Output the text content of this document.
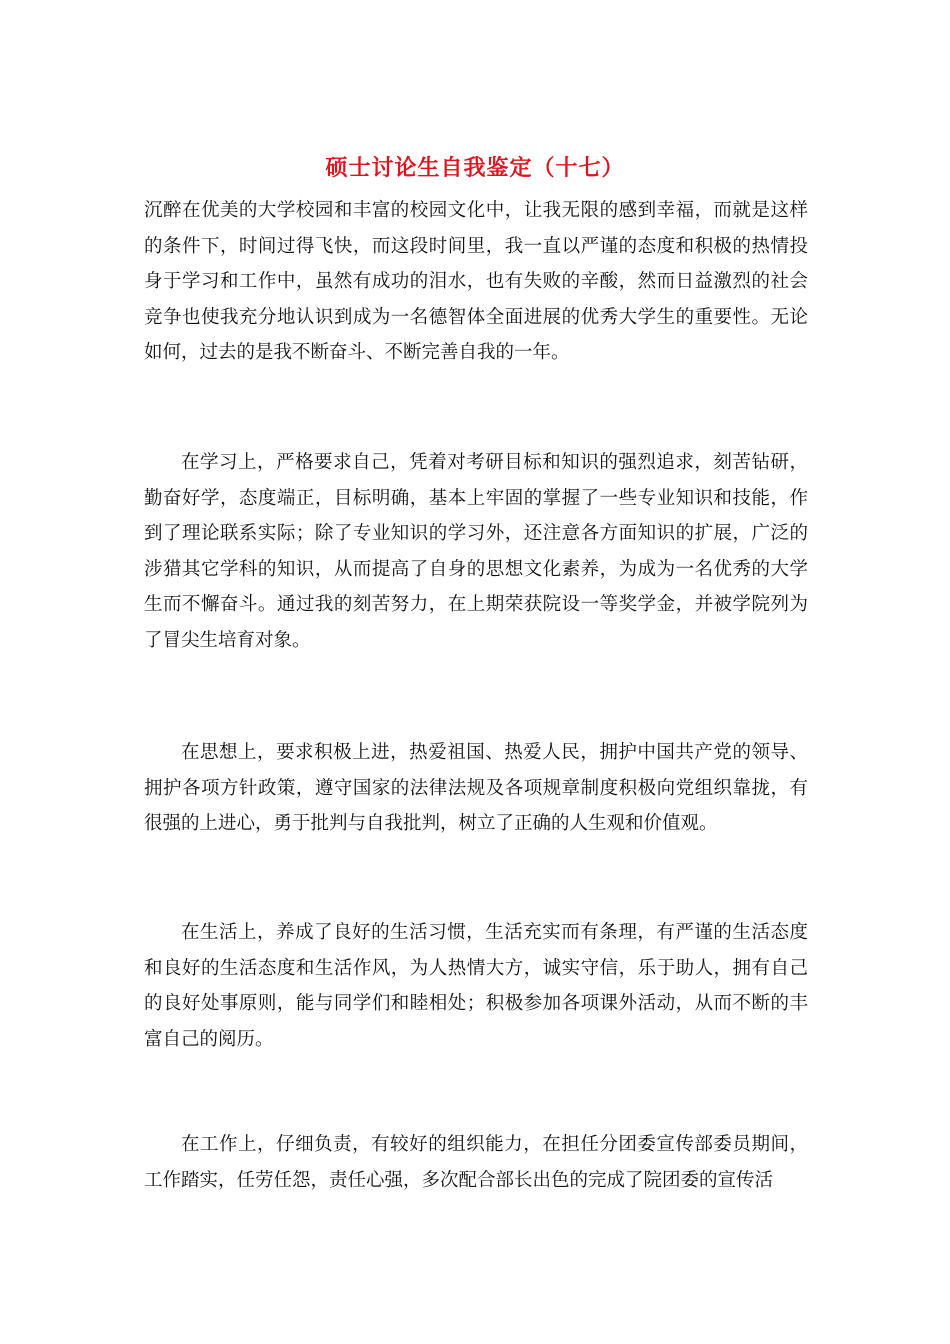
硕士讨论生自我鉴定（十七）

沉醉在优美的大学校园和丰富的校园文化中，让我无限的感到幸福，而就是这样的条件下，时间过得飞快，而这段时间里，我一直以严谨的态度和积极的热情投身于学习和工作中，虽然有成功的泪水，也有失败的辛酸，然而日益激烈的社会竞争也使我充分地认识到成为一名德智体全面进展的优秀大学生的重要性。无论如何，过去的是我不断奋斗、不断完善自我的一年。

在学习上，严格要求自己，凭着对考研目标和知识的强烈追求，刻苦钻研，勤奋好学，态度端正，目标明确，基本上牢固的掌握了一些专业知识和技能，作到了理论联系实际；除了专业知识的学习外，还注意各方面知识的扩展，广泛的涉猎其它学科的知识，从而提高了自身的思想文化素养，为成为一名优秀的大学生而不懈奋斗。通过我的刻苦努力，在上期荣获院设一等奖学金，并被学院列为了冒尖生培育对象。

在思想上，要求积极上进，热爱祖国、热爱人民，拥护中国共产党的领导、拥护各项方针政策，遵守国家的法律法规及各项规章制度积极向党组织靠拢，有很强的上进心，勇于批判与自我批判，树立了正确的人生观和价值观。

在生活上，养成了良好的生活习惯，生活充实而有条理，有严谨的生活态度和良好的生活态度和生活作风，为人热情大方，诚实守信，乐于助人，拥有自己的良好处事原则，能与同学们和睦相处；积极参加各项课外活动，从而不断的丰富自己的阅历。

在工作上，仔细负责，有较好的组织能力，在担任分团委宣传部委员期间，工作踏实，任劳任怨，责任心强，多次配合部长出色的完成了院团委的宣传活
